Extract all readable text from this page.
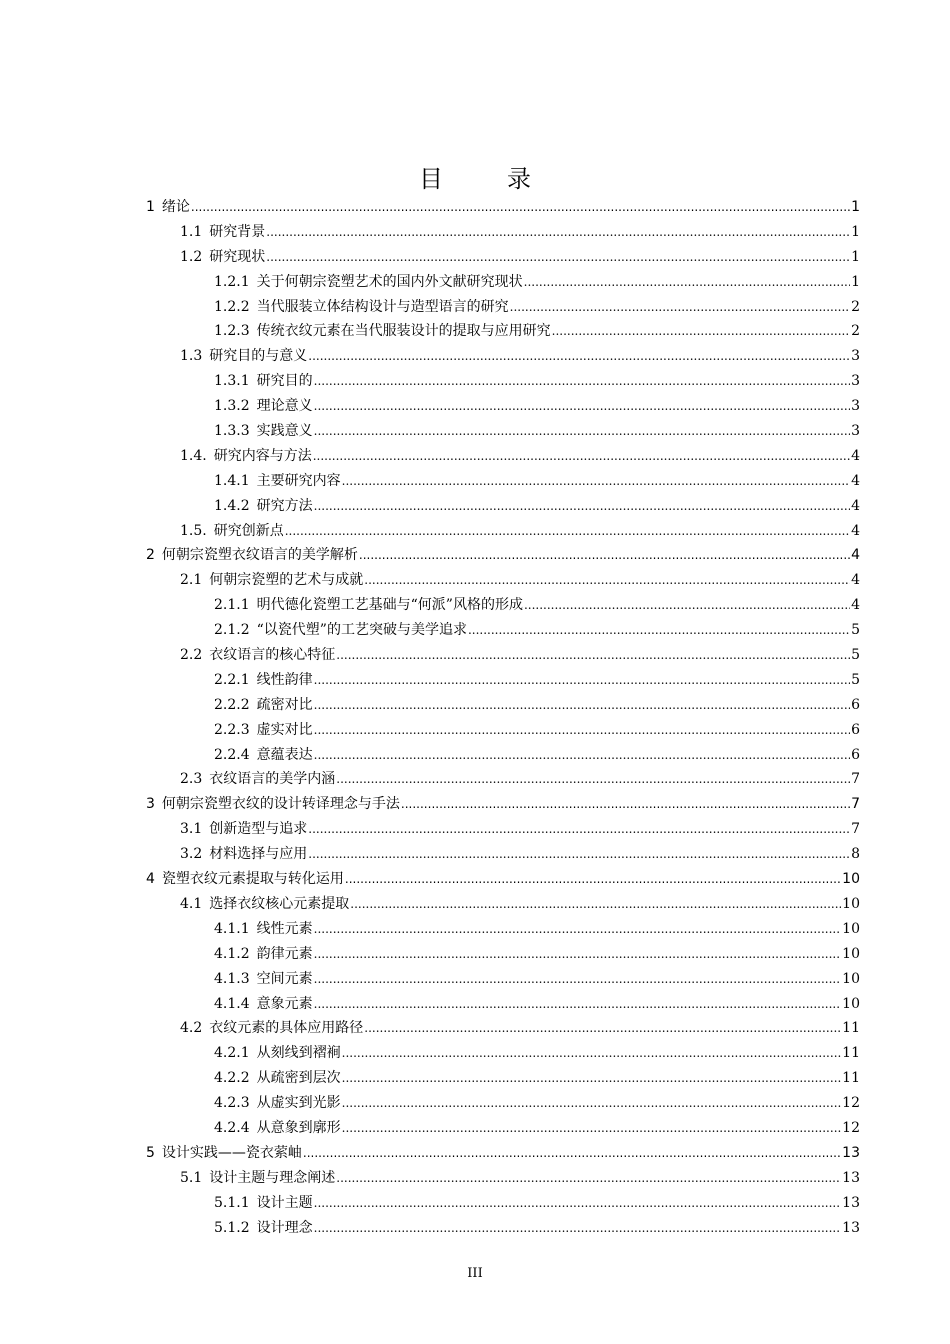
目　录
1 绪论 .....	1
1.1 研究背景 .....	1
1.2 研究现状 .....	1
1.2.1 关于何朝宗瓷塑艺术的国内外文献研究现状 .....	1
1.2.2 当代服装立体结构设计与造型语言的研究 .....	2
1.2.3 传统衣纹元素在当代服装设计的提取与应用研究 .....	2
1.3 研究目的与意义 .....	3
1.3.1 研究目的 .....	3
1.3.2 理论意义 .....	3
1.3.3 实践意义 .....	3
1.4. 研究内容与方法 .....	4
1.4.1 主要研究内容 .....	4
1.4.2 研究方法 .....	4
1.5. 研究创新点 .....	4
2 何朝宗瓷塑衣纹语言的美学解析 .....	4
2.1 何朝宗瓷塑的艺术与成就 .....	4
2.1.1 明代德化瓷塑工艺基础与“何派”风格的形成 .....	4
2.1.2 “以瓷代塑”的工艺突破与美学追求 .....	5
2.2 衣纹语言的核心特征 .....	5
2.2.1 线性韵律 .....	5
2.2.2 疏密对比 .....	6
2.2.3 虚实对比 .....	6
2.2.4 意蕴表达 .....	6
2.3 衣纹语言的美学内涵 .....	7
3 何朝宗瓷塑衣纹的设计转译理念与手法 .....	7
3.1 创新造型与追求 .....	7
3.2 材料选择与应用 .....	8
4 瓷塑衣纹元素提取与转化运用 .....	10
4.1 选择衣纹核心元素提取 .....	10
4.1.1 线性元素 .....	10
4.1.2 韵律元素 .....	10
4.1.3 空间元素 .....	10
4.1.4 意象元素 .....	10
4.2 衣纹元素的具体应用路径 .....	11
4.2.1 从刻线到褶裥 .....	11
4.2.2 从疏密到层次 .....	11
4.2.3 从虚实到光影 .....	12
4.2.4 从意象到廓形 .....	12
5 设计实践——瓷衣萦岫 .....	13
5.1 设计主题与理念阐述 .....	13
5.1.1 设计主题 .....	13
5.1.2 设计理念 .....	13
III
